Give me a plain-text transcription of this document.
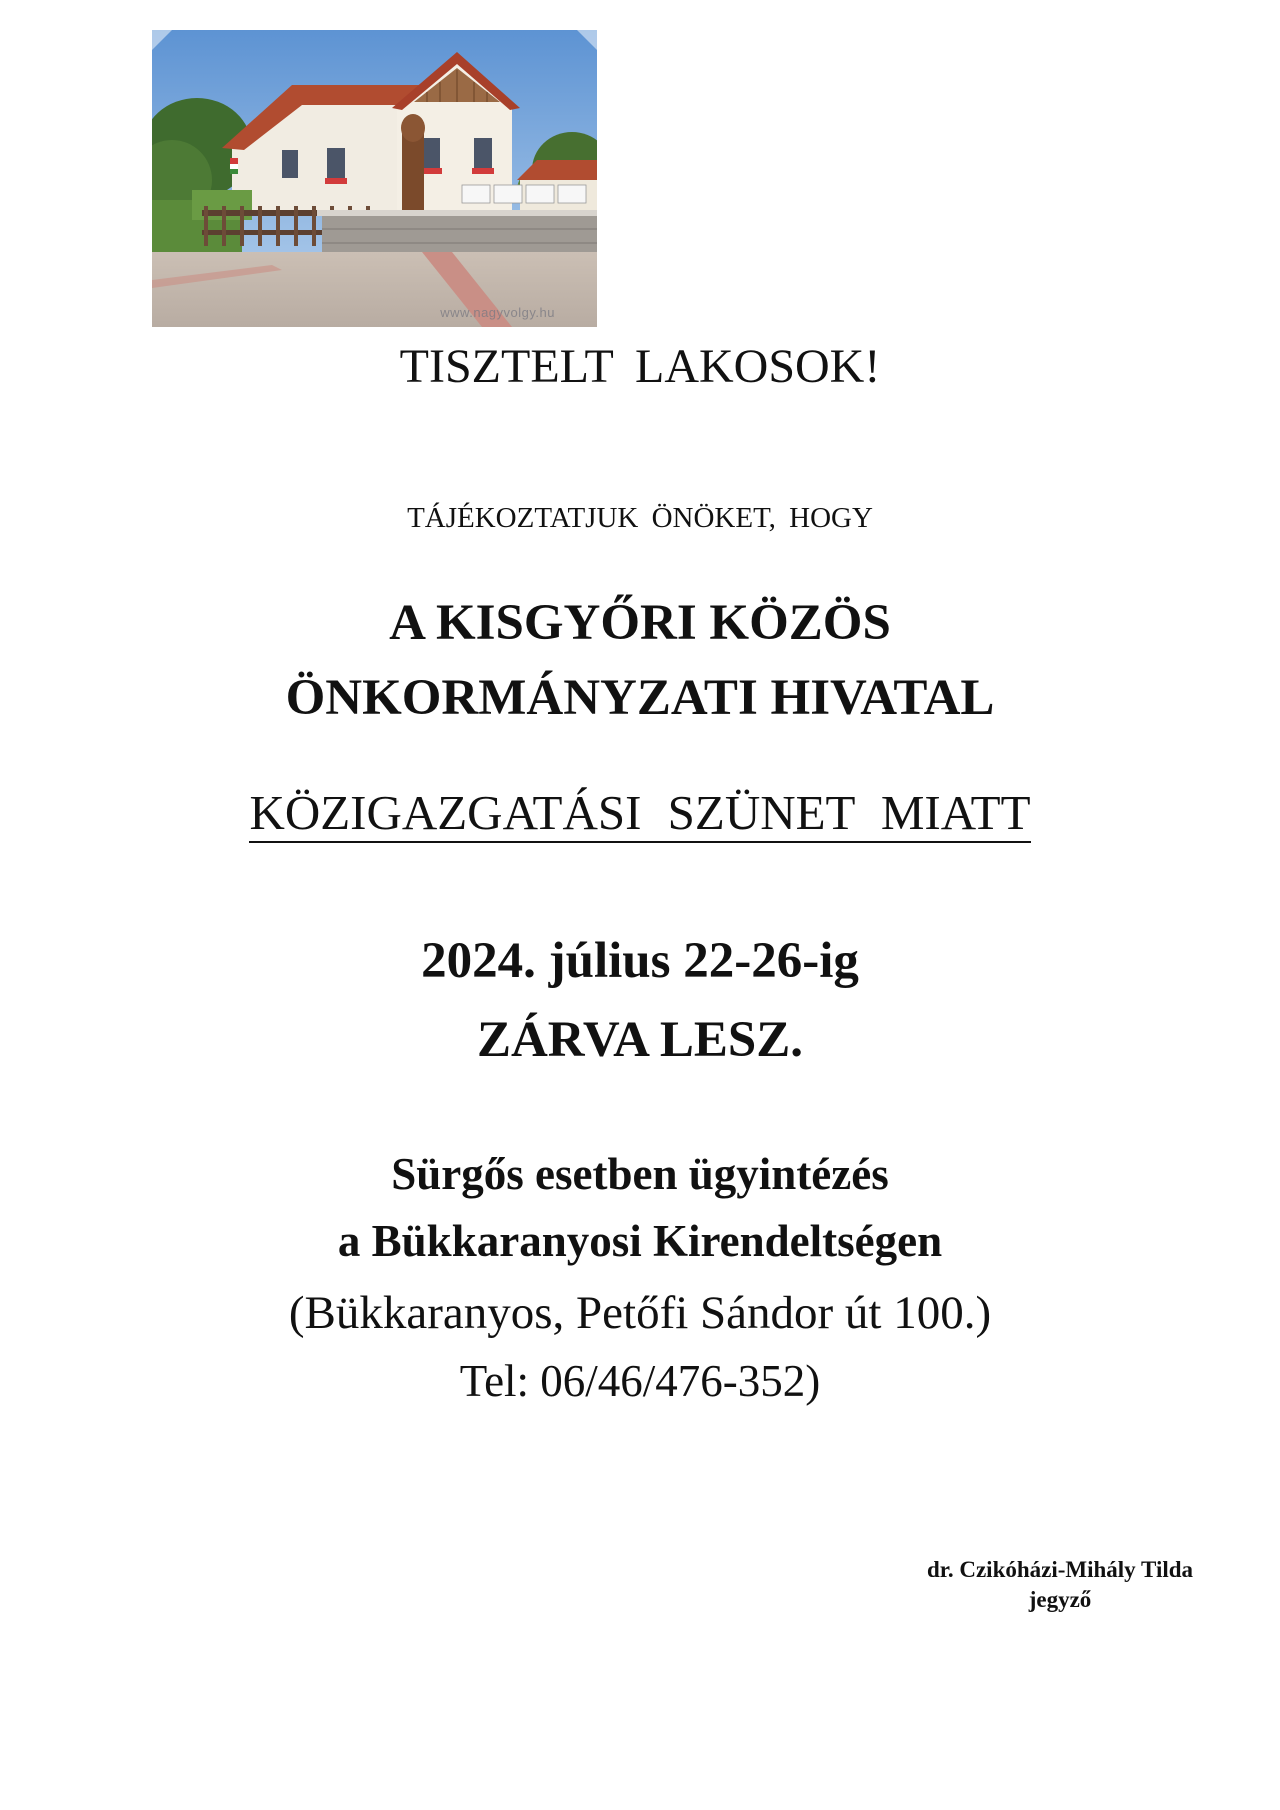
www.nagyvolgy.hu
TISZTELT LAKOSOK!
TÁJÉKOZTATJUK ÖNÖKET, HOGY
A KISGYŐRI KÖZÖS
ÖNKORMÁNYZATI HIVATAL
KÖZIGAZGATÁSI SZÜNET MIATT
2024. július 22-26-ig
ZÁRVA LESZ.
Sürgős esetben ügyintézés
a Bükkaranyosi Kirendeltségen
(Bükkaranyos, Petőfi Sándor út 100.)
Tel: 06/46/476-352)
dr. Czikóházi-Mihály Tilda
jegyző
